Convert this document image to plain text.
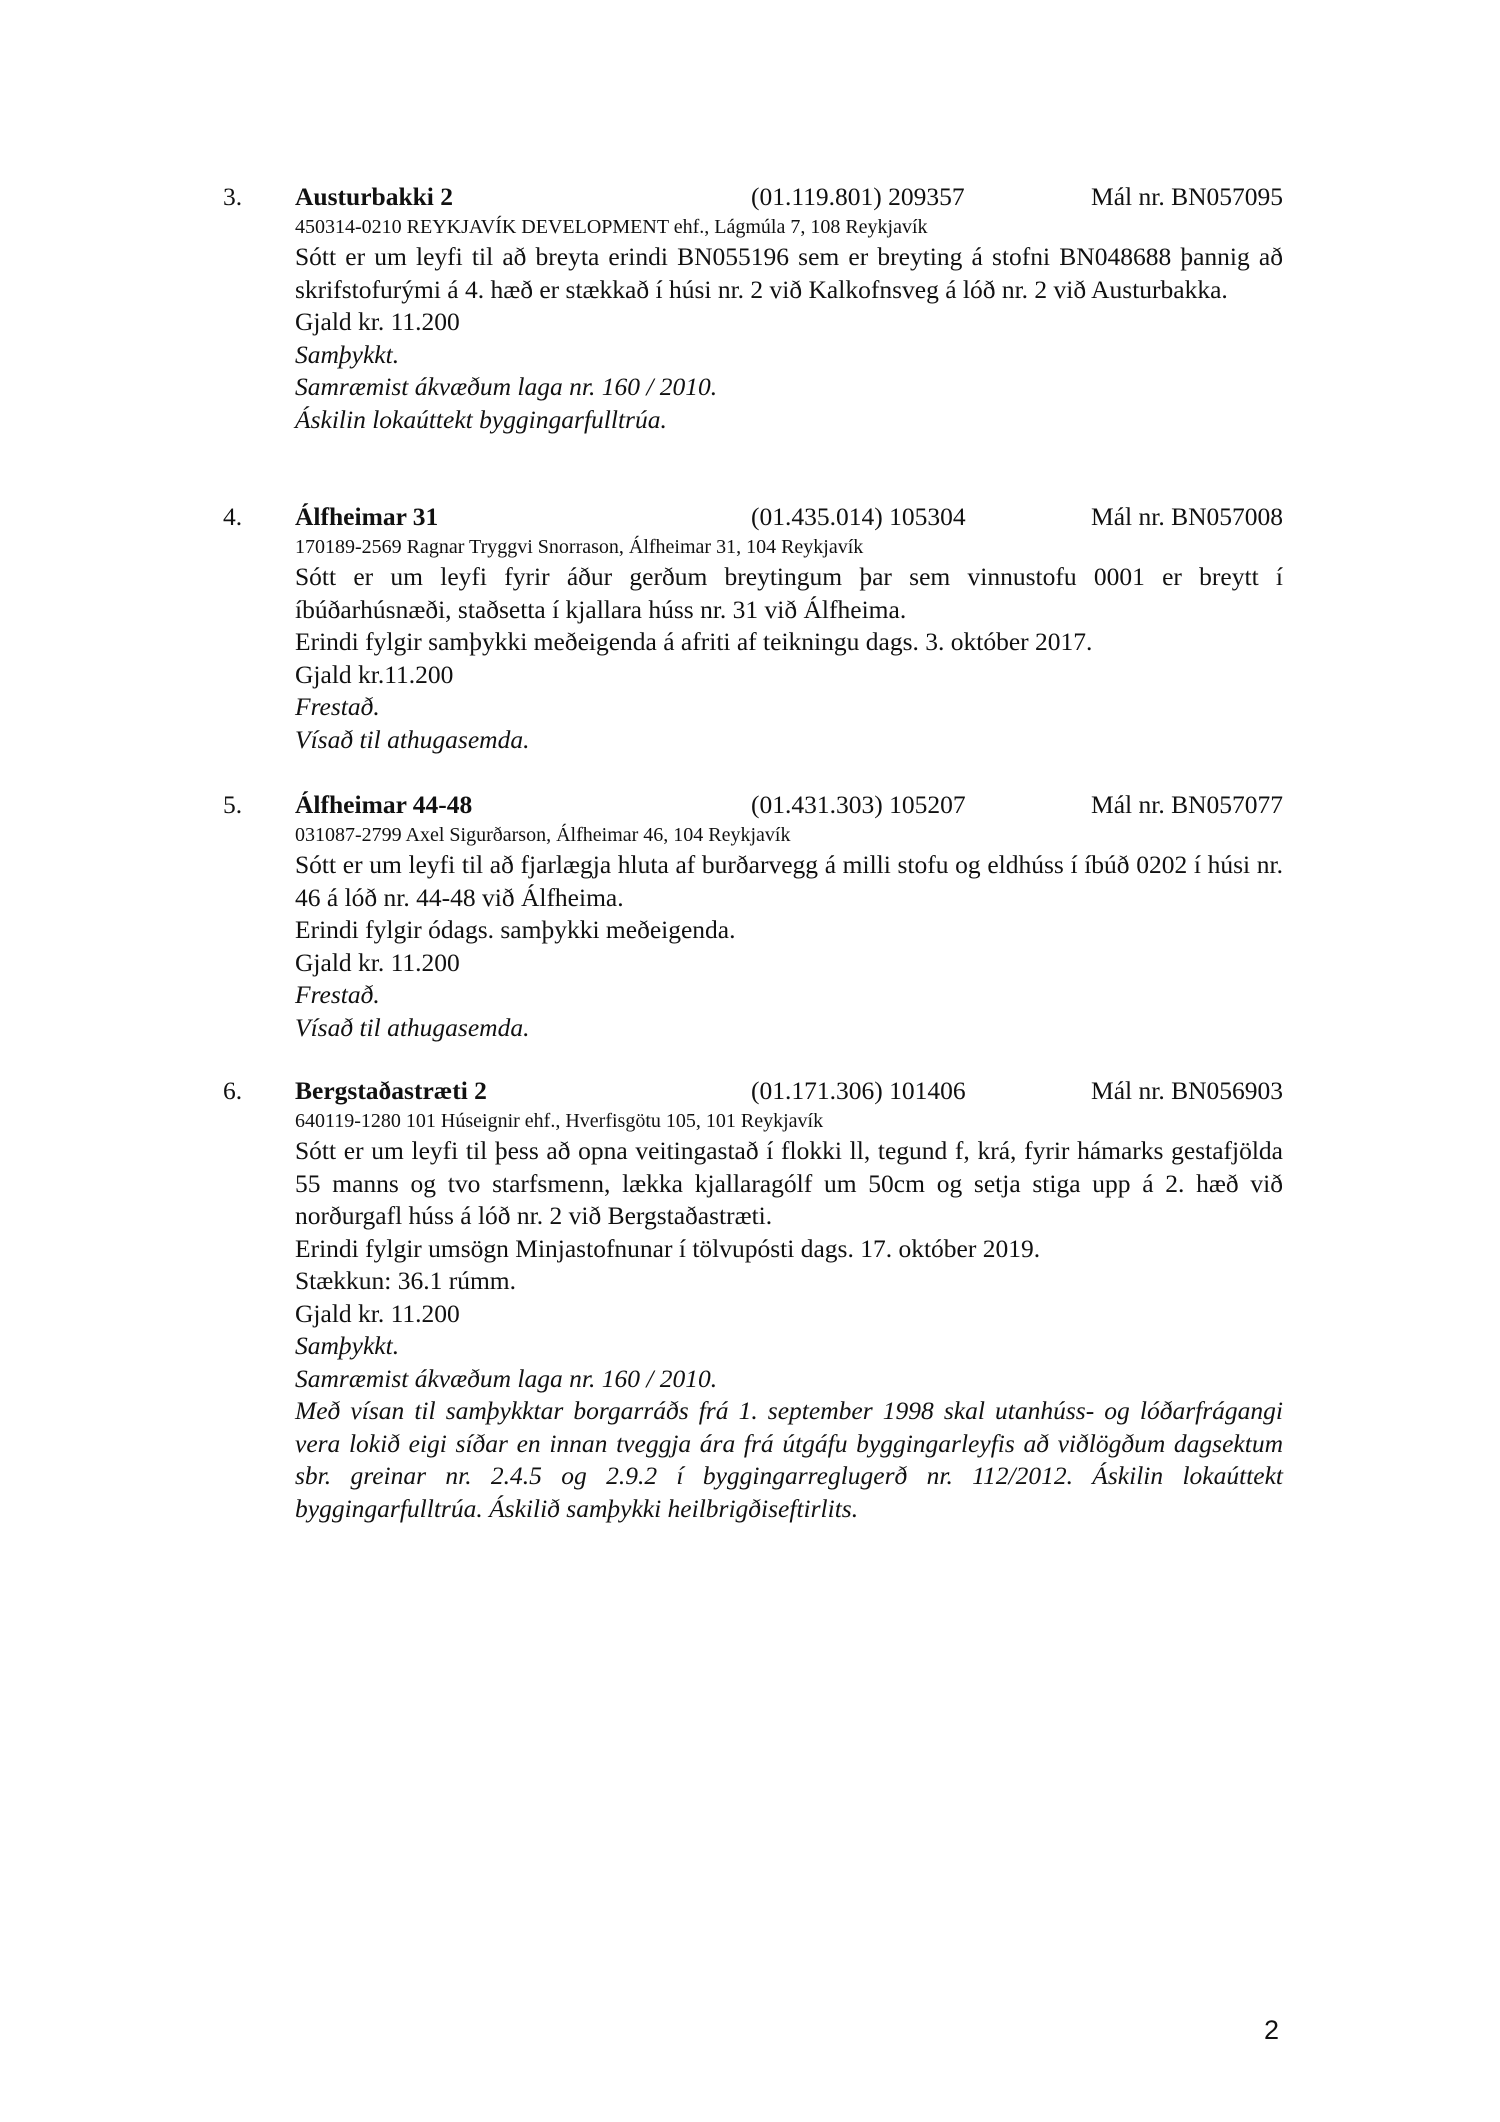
3. Austurbakki 2	(01.119.801) 209357	Mál nr. BN057095
450314-0210 REYKJAVÍK DEVELOPMENT ehf., Lágmúla 7, 108 Reykjavík
Sótt er um leyfi til að breyta erindi BN055196 sem er breyting á stofni BN048688 þannig að skrifstofurými á 4. hæð er stækkað í húsi nr. 2 við Kalkofnsveg á lóð nr. 2 við Austurbakka.
Gjald kr. 11.200
Samþykkt.
Samræmist ákvæðum laga nr. 160 / 2010.
Áskilin lokaúttekt byggingarfulltrúa.
4. Álfheimar 31	(01.435.014) 105304	Mál nr. BN057008
170189-2569 Ragnar Tryggvi Snorrason, Álfheimar 31, 104 Reykjavík
Sótt er um leyfi fyrir áður gerðum breytingum þar sem vinnustofu 0001 er breytt í íbúðarhúsnæði, staðsetta í kjallara húss nr. 31 við Álfheima.
Erindi fylgir samþykki meðeigenda á afriti af teikningu dags. 3. október 2017.
Gjald kr.11.200
Frestað.
Vísað til athugasemda.
5. Álfheimar 44-48	(01.431.303) 105207	Mál nr. BN057077
031087-2799 Axel Sigurðarson, Álfheimar 46, 104 Reykjavík
Sótt er um leyfi til að fjarlægja hluta af burðarvegg á milli stofu og eldhúss í íbúð 0202 í húsi nr. 46 á lóð nr. 44-48 við Álfheima.
Erindi fylgir ódags. samþykki meðeigenda.
Gjald kr. 11.200
Frestað.
Vísað til athugasemda.
6. Bergstaðastræti 2	(01.171.306) 101406	Mál nr. BN056903
640119-1280 101 Húseignir ehf., Hverfisgötu 105, 101 Reykjavík
Sótt er um leyfi til þess að opna veitingastað í flokki ll, tegund f, krá, fyrir hámarks gestafjölda 55 manns og tvo starfsmenn, lækka kjallaragólf um 50cm og setja stiga upp á 2. hæð við norðurgafl húss á lóð nr. 2 við Bergstaðastræti.
Erindi fylgir umsögn Minjastofnunar í tölvupósti dags. 17. október 2019.
Stækkun: 36.1 rúmm.
Gjald kr. 11.200
Samþykkt.
Samræmist ákvæðum laga nr. 160 / 2010.
Með vísan til samþykktar borgarráðs frá 1. september 1998 skal utanhúss- og lóðarfrágangi vera lokið eigi síðar en innan tveggja ára frá útgáfu byggingarleyfis að viðlögðum dagsektum sbr. greinar nr. 2.4.5 og 2.9.2 í byggingarreglugerð nr. 112/2012. Áskilin lokaúttekt byggingarfulltrúa. Áskilið samþykki heilbrigðiseftirlits.
2
